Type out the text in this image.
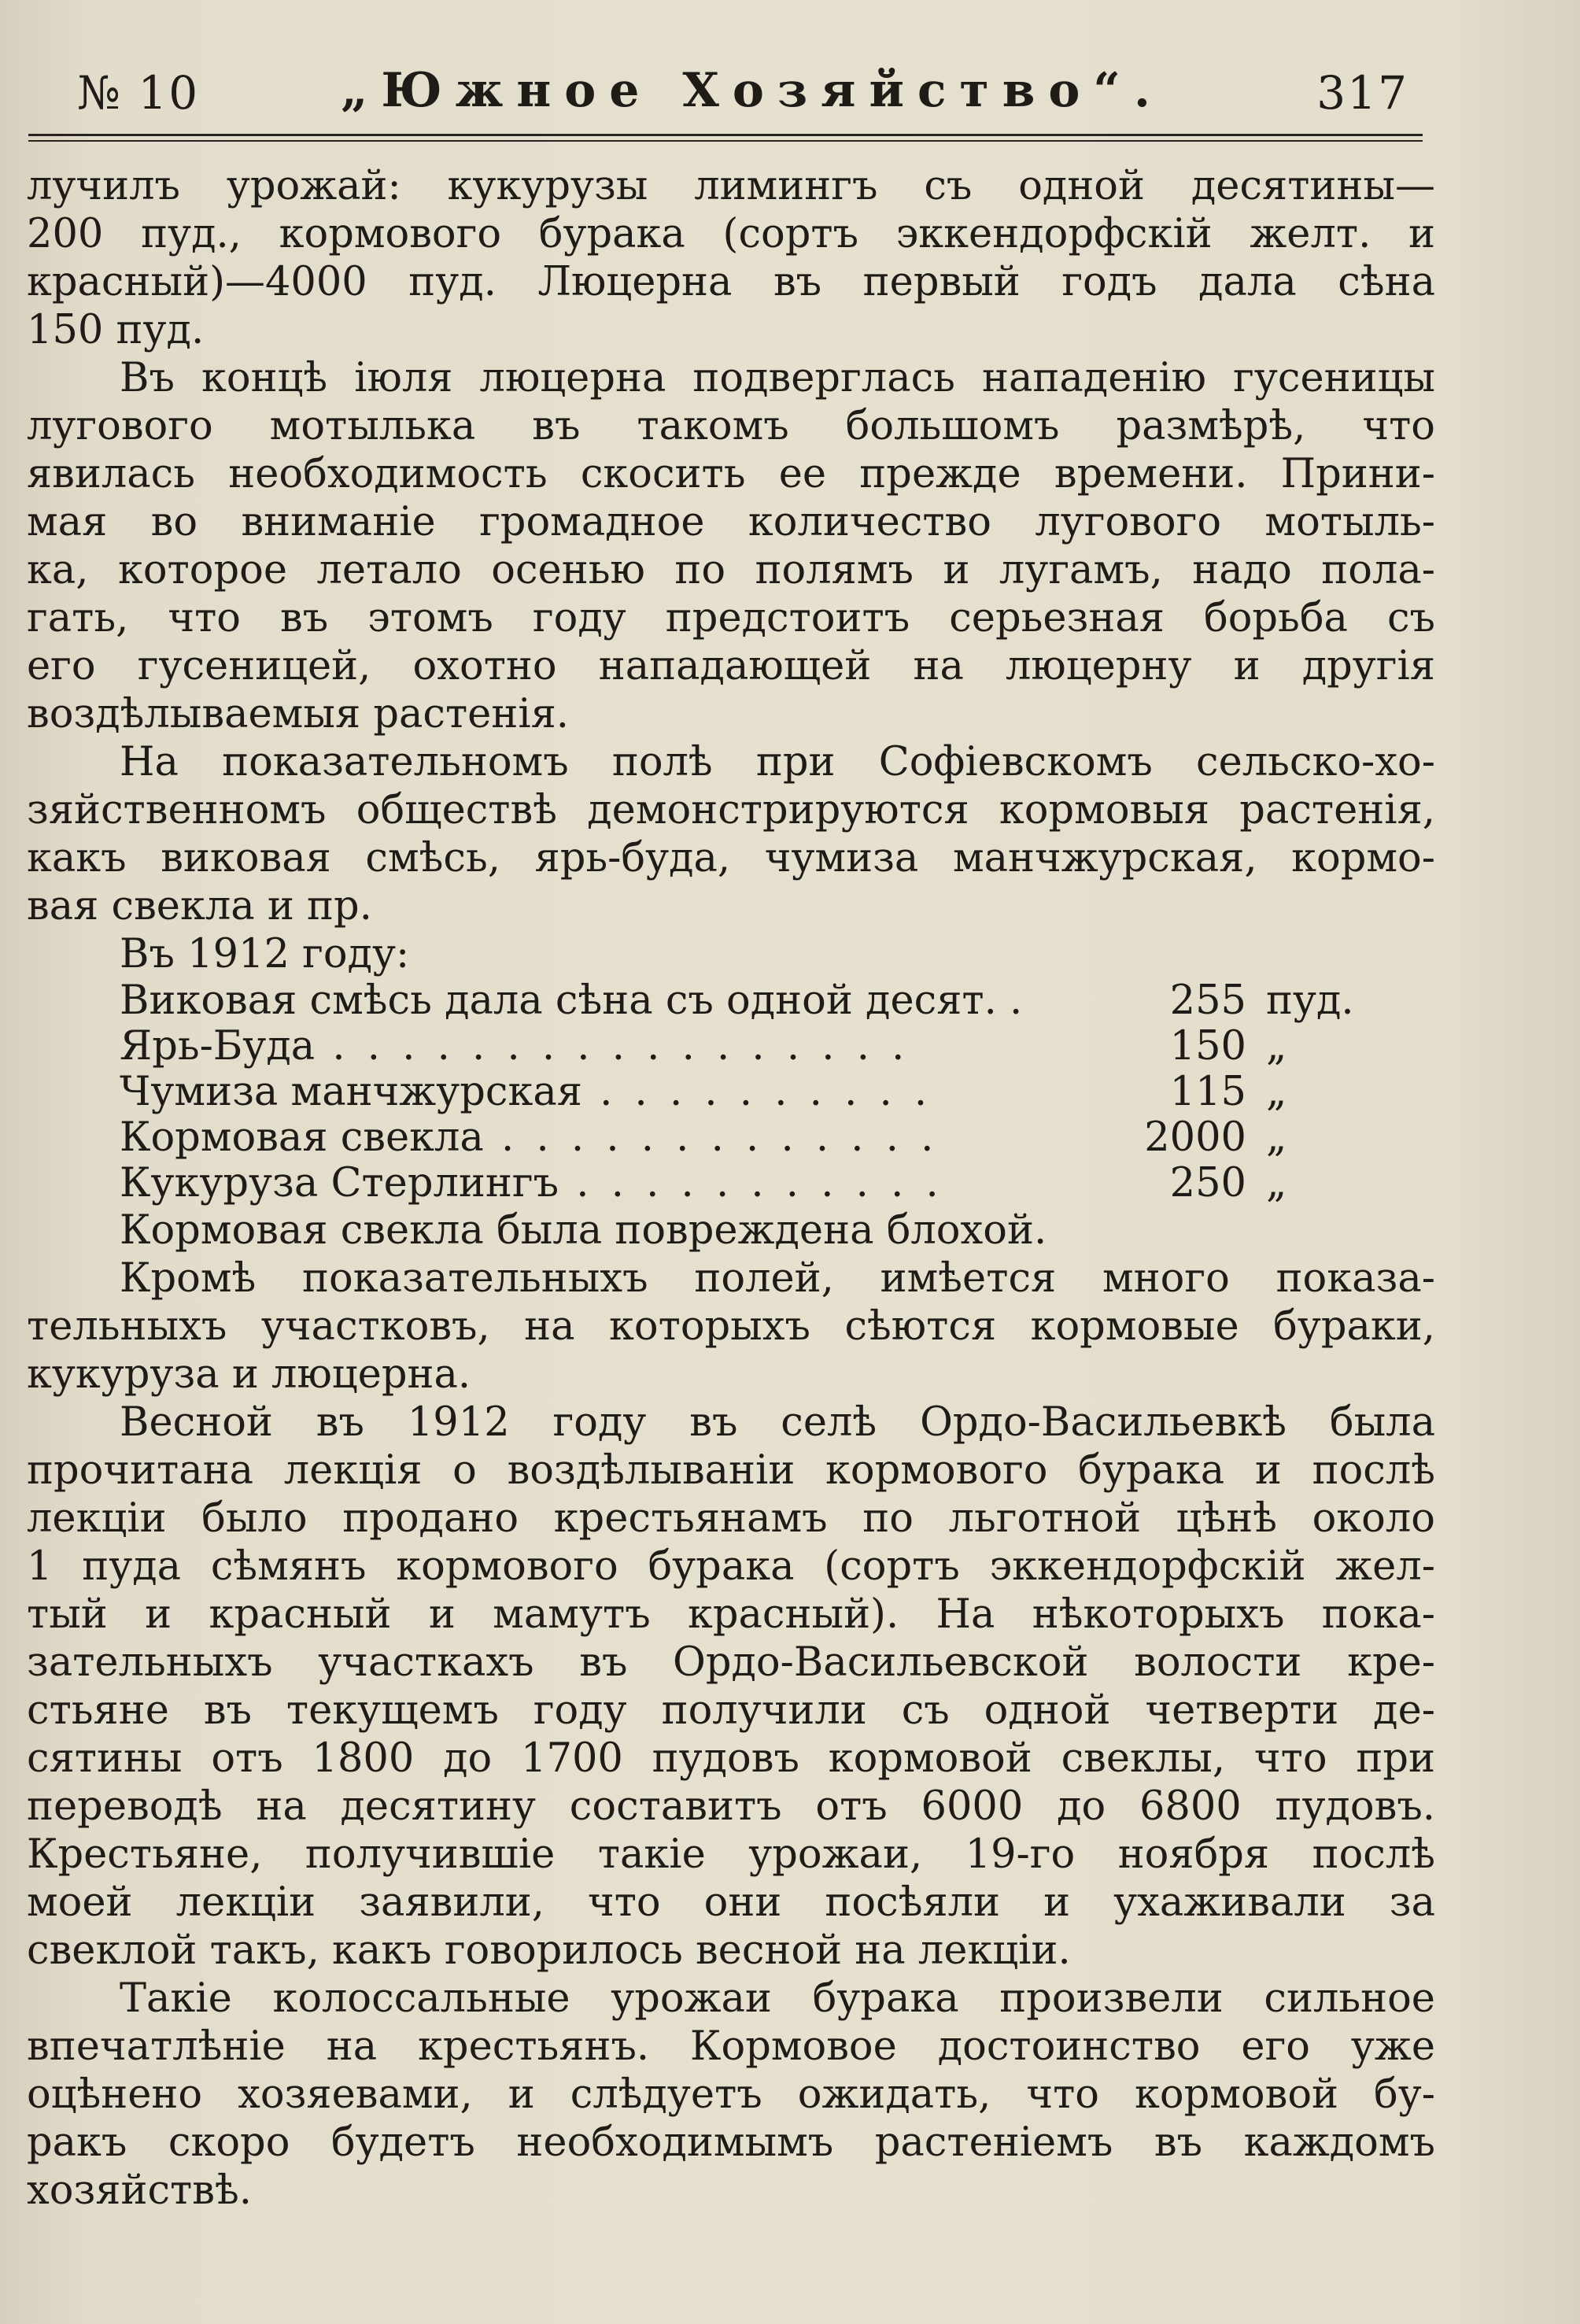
№ 10	„Южное Хозяйство“.	317
лучилъ урожай: кукурузы лимингъ съ одной десятины—
200 пуд., кормового бурака (сортъ эккендорфскій желт. и
красный)—4000 пуд. Люцерна въ первый годъ дала сѣна
150 пуд.
Въ концѣ іюля люцерна подверглась нападенію гусеницы
лугового мотылька въ такомъ большомъ размѣрѣ, что
явилась необходимость скосить ее прежде времени. Прини-
мая во вниманіе громадное количество лугового мотыль-
ка, которое летало осенью по полямъ и лугамъ, надо пола-
гать, что въ этомъ году предстоитъ серьезная борьба съ
его гусеницей, охотно нападающей на люцерну и другія
воздѣлываемыя растенія.
На показательномъ полѣ при Софіевскомъ сельско-хо-
зяйственномъ обществѣ демонстрируются кормовыя растенія,
какъ виковая смѣсь, ярь-буда, чумиза манчжурская, кормо-
вая свекла и пр.
Въ 1912 году:
Виковая смѣсь дала сѣна съ одной десят. .	255 пуд.
Ярь-Буда . . . . . . . . . . . . . . . . .	150 „
Чумиза манчжурская . . . . . . . . . .	115 „
Кормовая свекла . . . . . . . . . . . . .	2000 „
Кукуруза Стерлингъ . . . . . . . . . . .	250 „
Кормовая свекла была повреждена блохой.
Кромѣ показательныхъ полей, имѣется много показа-
тельныхъ участковъ, на которыхъ сѣются кормовые бураки,
кукуруза и люцерна.
Весной въ 1912 году въ селѣ Ордо-Васильевкѣ была
прочитана лекція о воздѣлываніи кормового бурака и послѣ
лекціи было продано крестьянамъ по льготной цѣнѣ около
1 пуда сѣмянъ кормового бурака (сортъ эккендорфскій жел-
тый и красный и мамутъ красный). На нѣкоторыхъ пока-
зательныхъ участкахъ въ Ордо-Васильевской волости кре-
стьяне въ текущемъ году получили съ одной четверти де-
сятины отъ 1800 до 1700 пудовъ кормовой свеклы, что при
переводѣ на десятину составитъ отъ 6000 до 6800 пудовъ.
Крестьяне, получившіе такіе урожаи, 19-го ноября послѣ
моей лекціи заявили, что они посѣяли и ухаживали за
свеклой такъ, какъ говорилось весной на лекціи.
Такіе колоссальные урожаи бурака произвели сильное
впечатлѣніе на крестьянъ. Кормовое достоинство его уже
оцѣнено хозяевами, и слѣдуетъ ожидать, что кормовой бу-
ракъ скоро будетъ необходимымъ растеніемъ въ каждомъ
хозяйствѣ.
